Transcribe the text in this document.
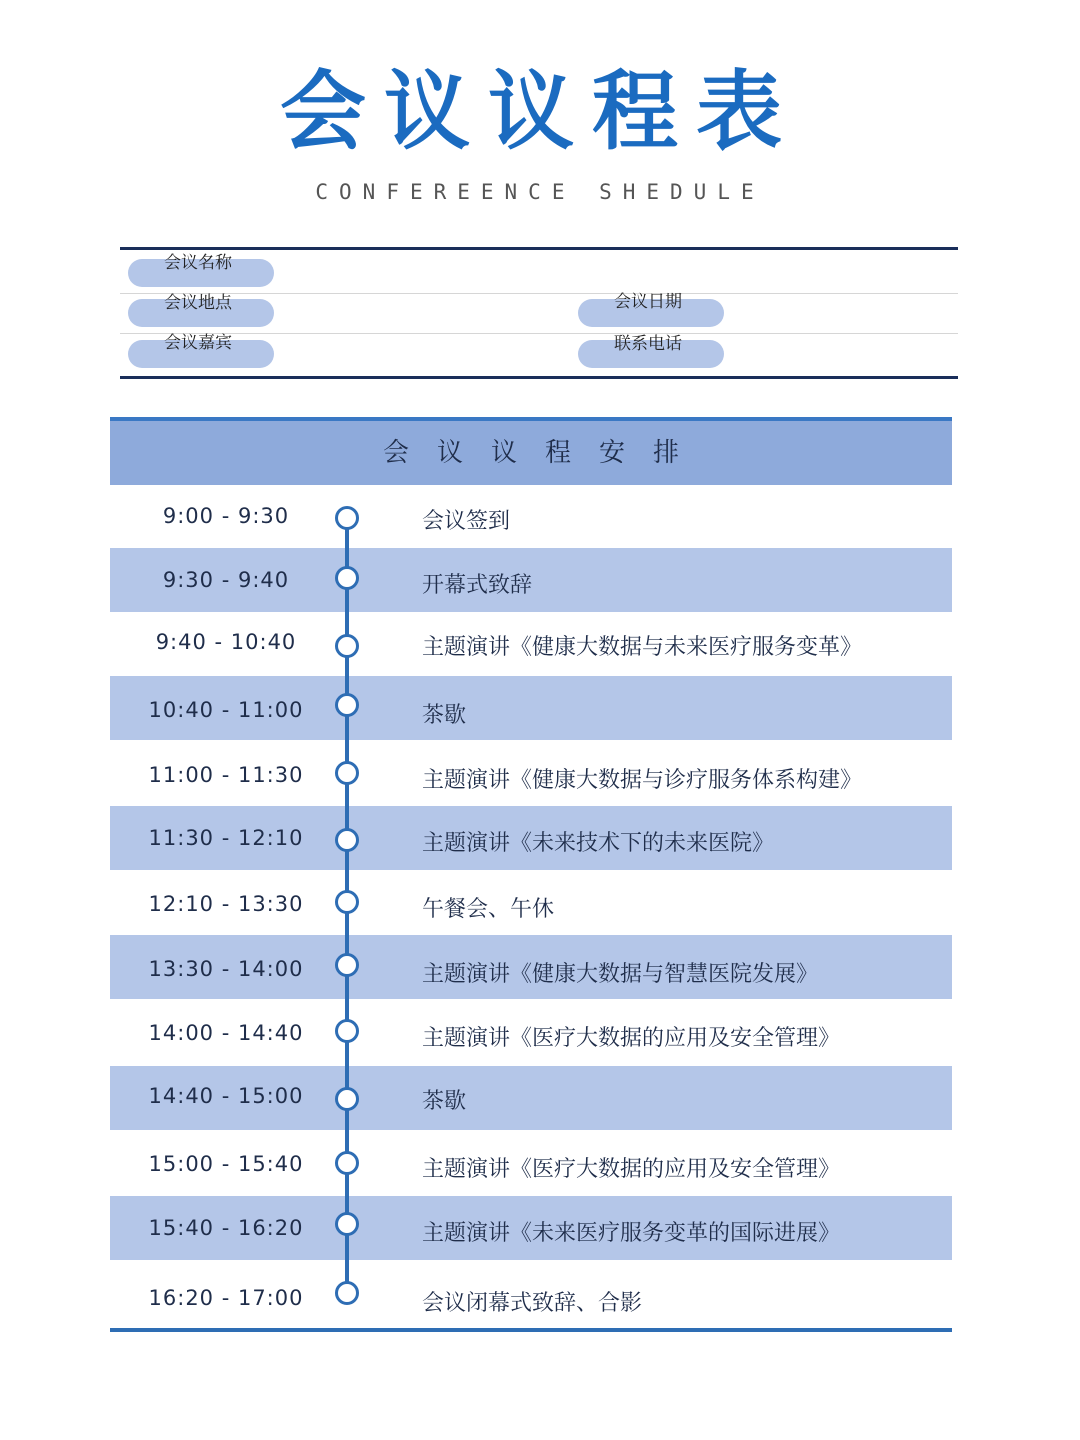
会议议程表
CONFEREENCE SHEDULE
会议名称
会议地点
会议嘉宾
会议日期
联系电话
会议议程安排
9:00 - 9:30	会议签到
9:30 - 9:40	开幕式致辞
9:40 - 10:40	主题演讲《健康大数据与未来医疗服务变革》
10:40 - 11:00	茶歇
11:00 - 11:30	主题演讲《健康大数据与诊疗服务体系构建》
11:30 - 12:10	主题演讲《未来技术下的未来医院》
12:10 - 13:30	午餐会、午休
13:30 - 14:00	主题演讲《健康大数据与智慧医院发展》
14:00 - 14:40	主题演讲《医疗大数据的应用及安全管理》
14:40 - 15:00	茶歇
15:00 - 15:40	主题演讲《医疗大数据的应用及安全管理》
15:40 - 16:20	主题演讲《未来医疗服务变革的国际进展》
16:20 - 17:00	会议闭幕式致辞、合影
